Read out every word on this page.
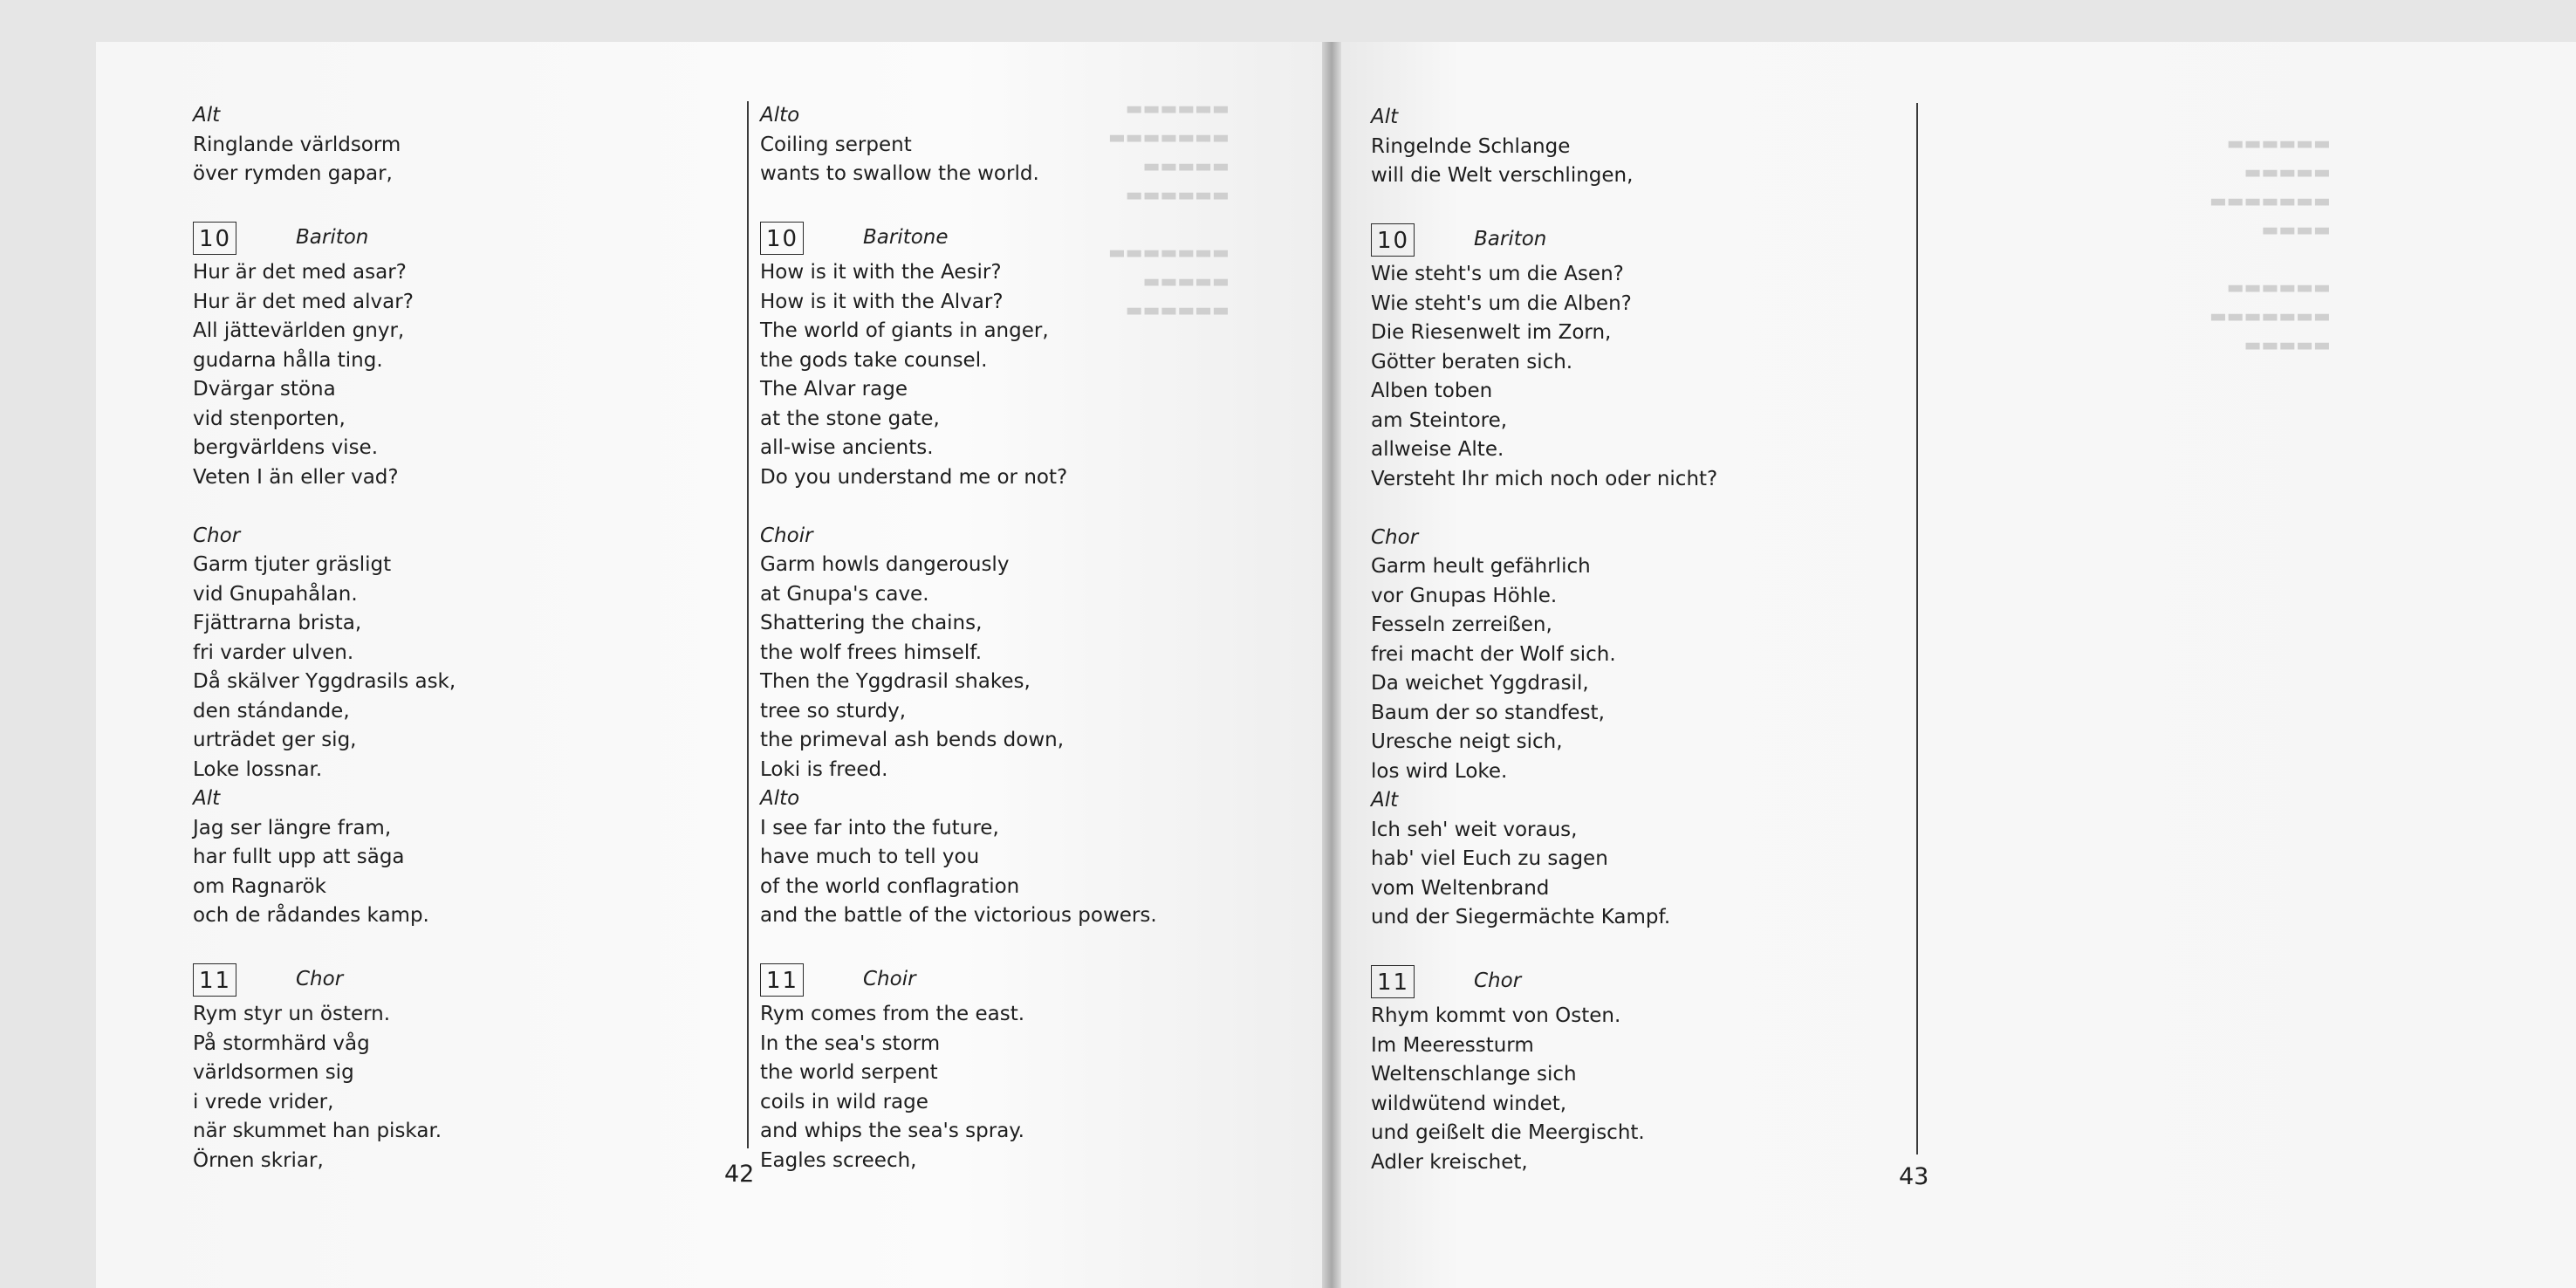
▬▬▬▬▬▬
▬▬▬▬▬▬▬
▬▬▬▬▬
▬▬▬▬▬▬

▬▬▬▬▬▬▬
▬▬▬▬▬
▬▬▬▬▬▬
▬▬▬▬▬▬
▬▬▬▬▬
▬▬▬▬▬▬▬
▬▬▬▬

▬▬▬▬▬▬
▬▬▬▬▬▬▬
▬▬▬▬▬
Alt
Ringlande världsorm
över rymden gapar,
10	Bariton
Hur är det med asar?
Hur är det med alvar?
All jättevärlden gnyr,
gudarna hålla ting.
Dvärgar stöna
vid stenporten,
bergvärldens vise.
Veten I än eller vad?
Chor
Garm tjuter gräsligt
vid Gnupahålan.
Fjättrarna brista,
fri varder ulven.
Då skälver Yggdrasils ask,
den stándande,
urträdet ger sig,
Loke lossnar.
Alt
Jag ser längre fram,
har fullt upp att säga
om Ragnarök
och de rådandes kamp.
11	Chor
Rym styr un östern.
På stormhärd våg
världsormen sig
i vrede vrider,
när skummet han piskar.
Örnen skriar,
Alto
Coiling serpent
wants to swallow the world.
10	Baritone
How is it with the Aesir?
How is it with the Alvar?
The world of giants in anger,
the gods take counsel.
The Alvar rage
at the stone gate,
all-wise ancients.
Do you understand me or not?
Choir
Garm howls dangerously
at Gnupa's cave.
Shattering the chains,
the wolf frees himself.
Then the Yggdrasil shakes,
tree so sturdy,
the primeval ash bends down,
Loki is freed.
Alto
I see far into the future,
have much to tell you
of the world conflagration
and the battle of the victorious powers.
11	Choir
Rym comes from the east.
In the sea's storm
the world serpent
coils in wild rage
and whips the sea's spray.
Eagles screech,
42
Alt
Ringelnde Schlange
will die Welt verschlingen,
10	Bariton
Wie steht's um die Asen?
Wie steht's um die Alben?
Die Riesenwelt im Zorn,
Götter beraten sich.
Alben toben
am Steintore,
allweise Alte.
Versteht Ihr mich noch oder nicht?
Chor
Garm heult gefährlich
vor Gnupas Höhle.
Fesseln zerreißen,
frei macht der Wolf sich.
Da weichet Yggdrasil,
Baum der so standfest,
Uresche neigt sich,
los wird Loke.
Alt
Ich seh' weit voraus,
hab' viel Euch zu sagen
vom Weltenbrand
und der Siegermächte Kampf.
11	Chor
Rhym kommt von Osten.
Im Meeressturm
Weltenschlange sich
wildwütend windet,
und geißelt die Meergischt.
Adler kreischet,
43
